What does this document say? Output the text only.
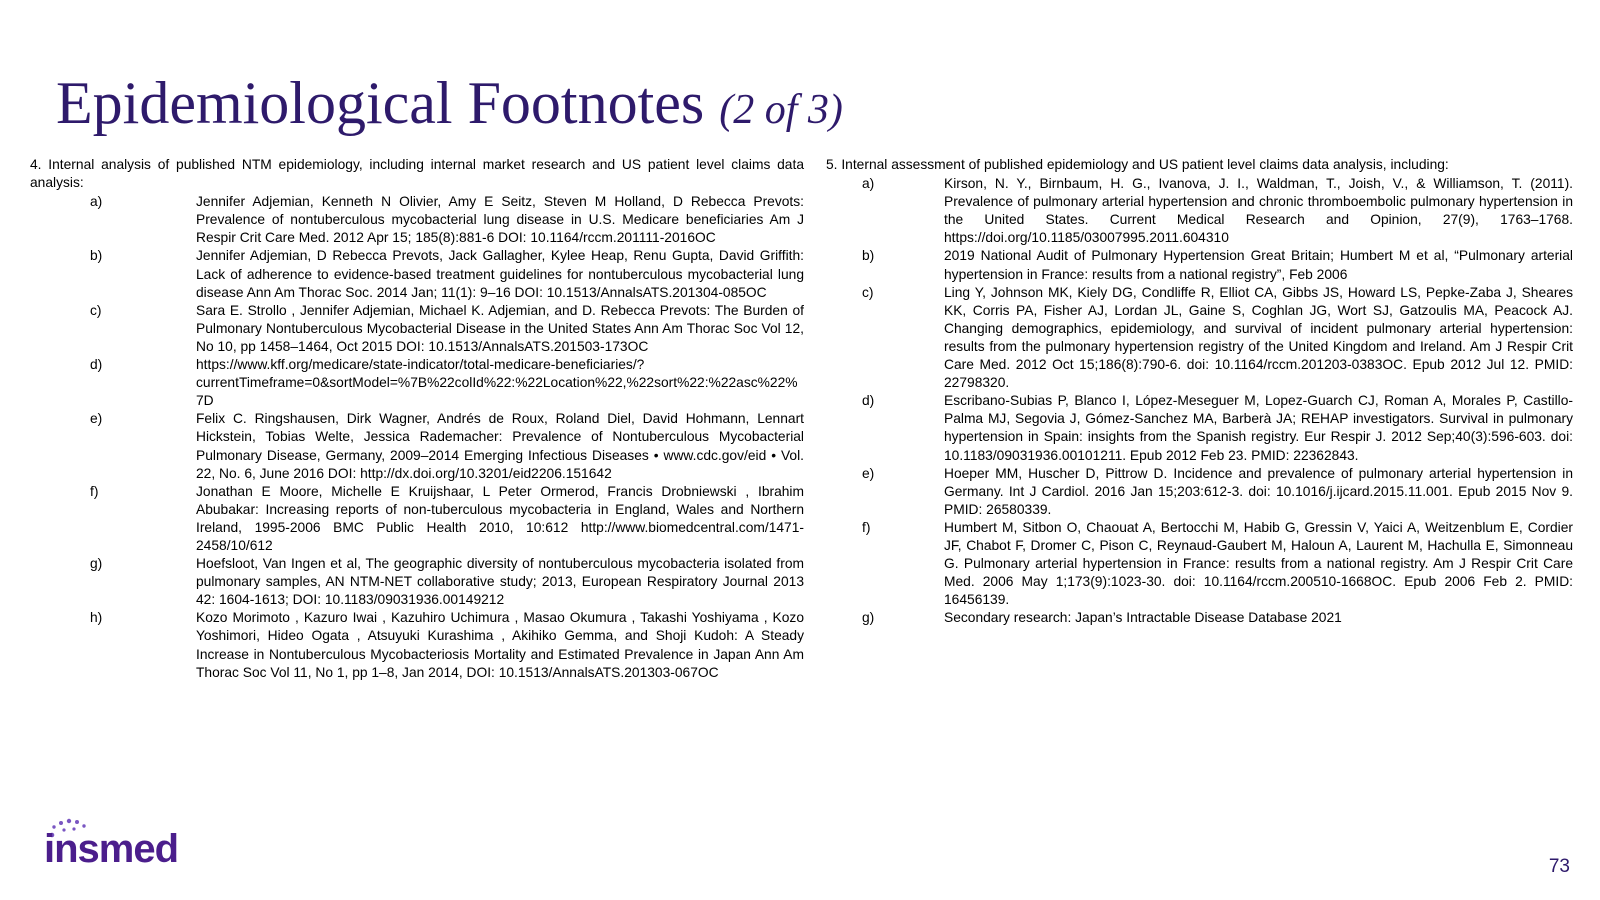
Epidemiological Footnotes (2 of 3)

4. Internal analysis of published NTM epidemiology, including internal market research and US patient level claims data analysis:

a)	Jennifer Adjemian, Kenneth N Olivier, Amy E Seitz, Steven M Holland, D Rebecca Prevots: Prevalence of nontuberculous mycobacterial lung disease in U.S. Medicare beneficiaries Am J Respir Crit Care Med. 2012 Apr 15; 185(8):881-6 DOI: 10.1164/rccm.201111-2016OC
b)	Jennifer Adjemian, D Rebecca Prevots, Jack Gallagher, Kylee Heap, Renu Gupta, David Griffith: Lack of adherence to evidence-based treatment guidelines for nontuberculous mycobacterial lung disease Ann Am Thorac Soc. 2014 Jan; 11(1): 9–16 DOI: 10.1513/AnnalsATS.201304-085OC
c)	Sara E. Strollo , Jennifer Adjemian, Michael K. Adjemian, and D. Rebecca Prevots: The Burden of Pulmonary Nontuberculous Mycobacterial Disease in the United States Ann Am Thorac Soc Vol 12, No 10, pp 1458–1464, Oct 2015 DOI: 10.1513/AnnalsATS.201503-173OC
d)	https://www.kff.org/medicare/state-indicator/total-medicare-beneficiaries/?currentTimeframe=0&sortModel=%7B%22colId%22:%22Location%22,%22sort%22:%22asc%22%7D
e)	Felix C. Ringshausen, Dirk Wagner, Andrés de Roux, Roland Diel, David Hohmann, Lennart Hickstein, Tobias Welte, Jessica Rademacher: Prevalence of Nontuberculous Mycobacterial Pulmonary Disease, Germany, 2009–2014 Emerging Infectious Diseases • www.cdc.gov/eid • Vol. 22, No. 6, June 2016 DOI: http://dx.doi.org/10.3201/eid2206.151642
f)	Jonathan E Moore, Michelle E Kruijshaar, L Peter Ormerod, Francis Drobniewski , Ibrahim Abubakar: Increasing reports of non-tuberculous mycobacteria in England, Wales and Northern Ireland, 1995-2006 BMC Public Health 2010, 10:612 http://www.biomedcentral.com/1471-2458/10/612
g)	Hoefsloot, Van Ingen et al, The geographic diversity of nontuberculous mycobacteria isolated from pulmonary samples, AN NTM-NET collaborative study; 2013, European Respiratory Journal 2013 42: 1604-1613; DOI: 10.1183/09031936.00149212
h)	Kozo Morimoto , Kazuro Iwai , Kazuhiro Uchimura , Masao Okumura , Takashi Yoshiyama , Kozo Yoshimori, Hideo Ogata , Atsuyuki Kurashima , Akihiko Gemma, and Shoji Kudoh: A Steady Increase in Nontuberculous Mycobacteriosis Mortality and Estimated Prevalence in Japan Ann Am Thorac Soc Vol 11, No 1, pp 1–8, Jan 2014, DOI: 10.1513/AnnalsATS.201303-067OC

5. Internal assessment of published epidemiology and US patient level claims data analysis, including:

a)	Kirson, N. Y., Birnbaum, H. G., Ivanova, J. I., Waldman, T., Joish, V., & Williamson, T. (2011). Prevalence of pulmonary arterial hypertension and chronic thromboembolic pulmonary hypertension in the United States. Current Medical Research and Opinion, 27(9), 1763–1768. https://doi.org/10.1185/03007995.2011.604310
b)	2019 National Audit of Pulmonary Hypertension Great Britain; Humbert M et al, “Pulmonary arterial hypertension in France: results from a national registry”, Feb 2006
c)	Ling Y, Johnson MK, Kiely DG, Condliffe R, Elliot CA, Gibbs JS, Howard LS, Pepke-Zaba J, Sheares KK, Corris PA, Fisher AJ, Lordan JL, Gaine S, Coghlan JG, Wort SJ, Gatzoulis MA, Peacock AJ. Changing demographics, epidemiology, and survival of incident pulmonary arterial hypertension: results from the pulmonary hypertension registry of the United Kingdom and Ireland. Am J Respir Crit Care Med. 2012 Oct 15;186(8):790-6. doi: 10.1164/rccm.201203-0383OC. Epub 2012 Jul 12. PMID: 22798320.
d)	Escribano-Subias P, Blanco I, López-Meseguer M, Lopez-Guarch CJ, Roman A, Morales P, Castillo-Palma MJ, Segovia J, Gómez-Sanchez MA, Barberà JA; REHAP investigators. Survival in pulmonary hypertension in Spain: insights from the Spanish registry. Eur Respir J. 2012 Sep;40(3):596-603. doi: 10.1183/09031936.00101211. Epub 2012 Feb 23. PMID: 22362843.
e)	Hoeper MM, Huscher D, Pittrow D. Incidence and prevalence of pulmonary arterial hypertension in Germany. Int J Cardiol. 2016 Jan 15;203:612-3. doi: 10.1016/j.ijcard.2015.11.001. Epub 2015 Nov 9. PMID: 26580339.
f)	Humbert M, Sitbon O, Chaouat A, Bertocchi M, Habib G, Gressin V, Yaici A, Weitzenblum E, Cordier JF, Chabot F, Dromer C, Pison C, Reynaud-Gaubert M, Haloun A, Laurent M, Hachulla E, Simonneau G. Pulmonary arterial hypertension in France: results from a national registry. Am J Respir Crit Care Med. 2006 May 1;173(9):1023-30. doi: 10.1164/rccm.200510-1668OC. Epub 2006 Feb 2. PMID: 16456139.
g)	Secondary research: Japan’s Intractable Disease Database 2021
insmed	73
